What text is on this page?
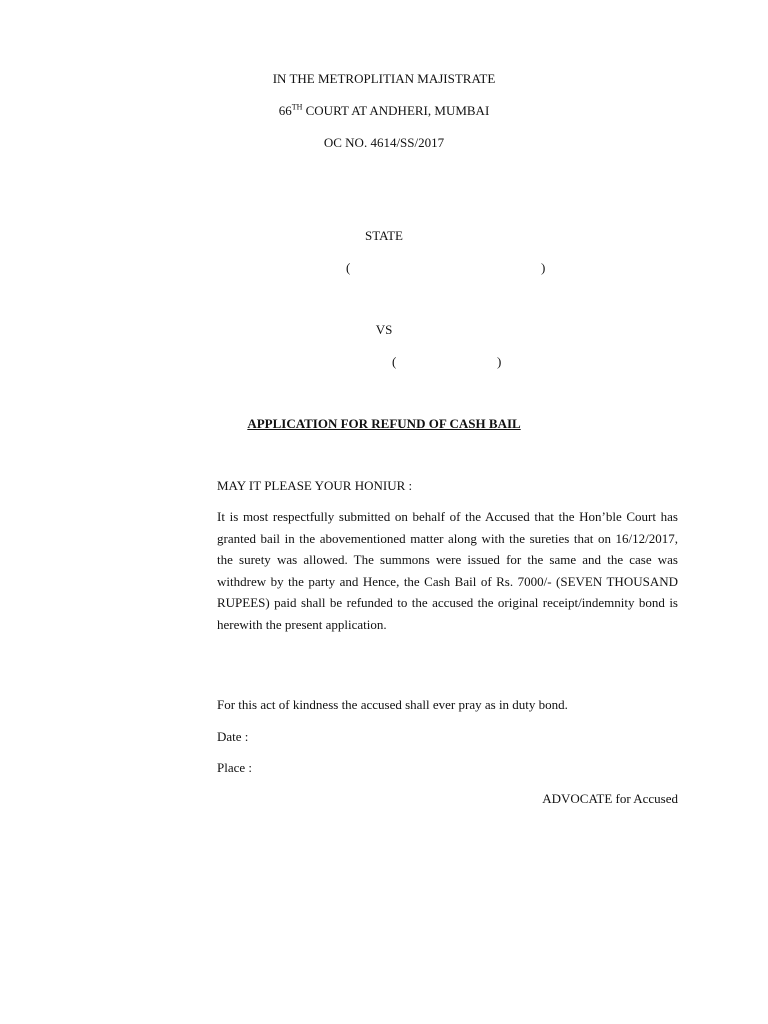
IN THE METROPLITIAN MAJISTRATE
66TH COURT AT ANDHERI, MUMBAI
OC NO. 4614/SS/2017
STATE
(	)
VS
(	)
APPLICATION FOR REFUND OF CASH BAIL
MAY IT PLEASE YOUR HONIUR :
It is most respectfully submitted on behalf of the Accused that the Hon’ble Court has granted bail in the abovementioned matter along with the sureties that on 16/12/2017, the surety was allowed. The summons were issued for the same and the case was withdrew by the party and Hence, the Cash Bail of Rs. 7000/- (SEVEN THOUSAND RUPEES) paid shall be refunded to the accused the original receipt/indemnity bond is herewith the present application.
For this act of kindness the accused shall ever pray as in duty bond.
Date :
Place :
ADVOCATE for Accused
